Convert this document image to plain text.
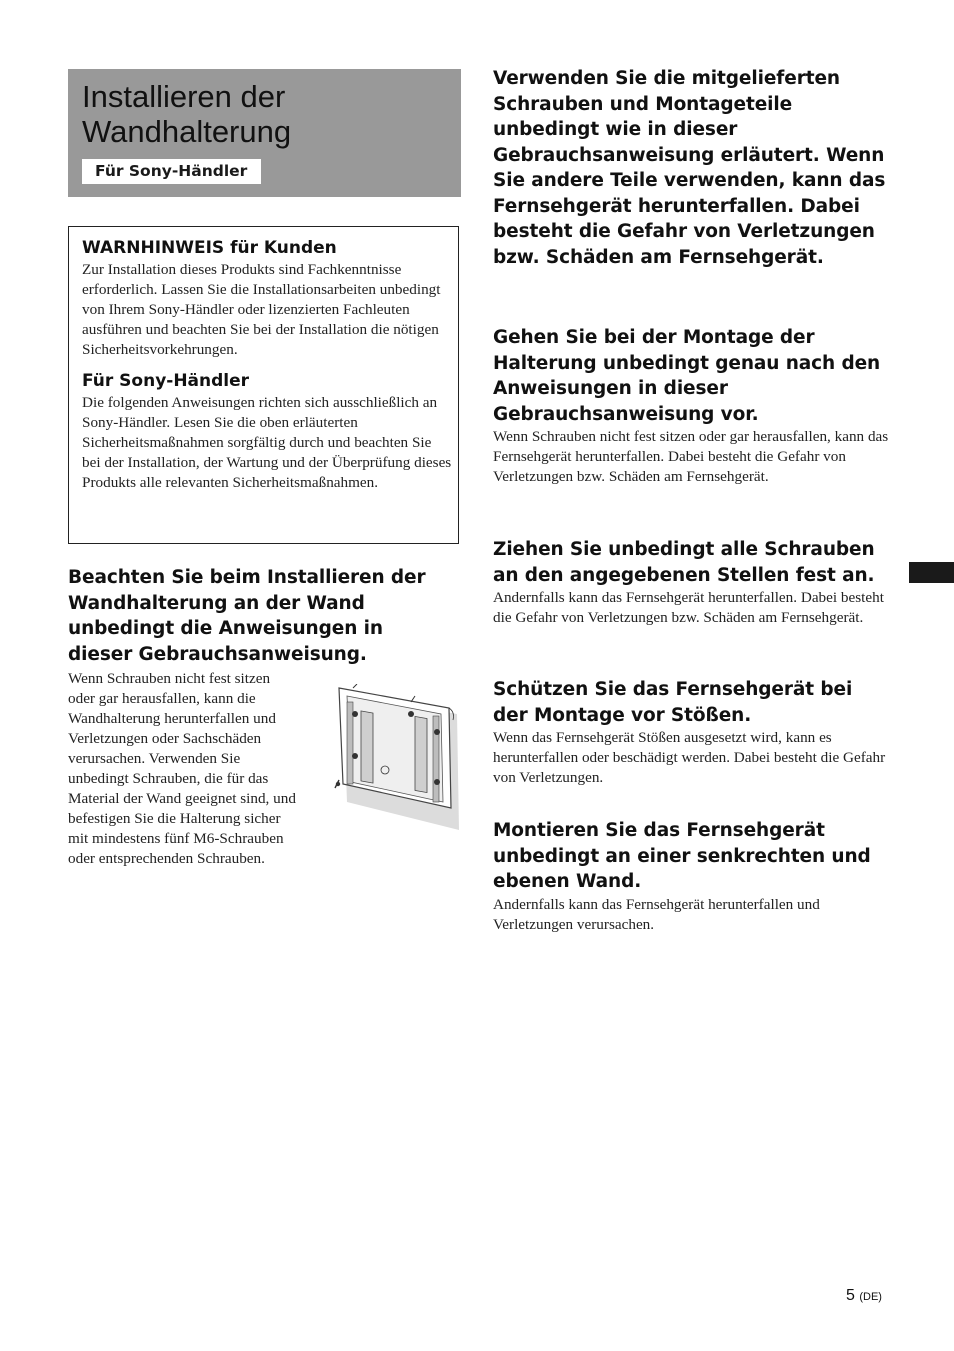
Installieren der Wandhalterung
Für Sony-Händler
WARNHINWEIS für Kunden

Zur Installation dieses Produkts sind Fachkenntnisse erforderlich. Lassen Sie die Installationsarbeiten unbedingt von Ihrem Sony-Händler oder lizenzierten Fachleuten ausführen und beachten Sie bei der Installation die nötigen Sicherheitsvorkehrungen.

Für Sony-Händler

Die folgenden Anweisungen richten sich ausschließlich an Sony-Händler. Lesen Sie die oben erläuterten Sicherheitsmaßnahmen sorgfältig durch und beachten Sie bei der Installation, der Wartung und der Überprüfung dieses Produkts alle relevanten Sicherheitsmaßnahmen.

Beachten Sie beim Installieren der Wandhalterung an der Wand unbedingt die Anweisungen in dieser Gebrauchsanweisung.

Wenn Schrauben nicht fest sitzen oder gar herausfallen, kann die Wandhalterung herunterfallen und Verletzungen oder Sachschäden verursachen. Verwenden Sie unbedingt Schrauben, die für das Material der Wand geeignet sind, und befestigen Sie die Halterung sicher mit mindestens fünf M6-Schrauben oder entsprechenden Schrauben.

Verwenden Sie die mitgelieferten Schrauben und Montageteile unbedingt wie in dieser Gebrauchsanweisung erläutert. Wenn Sie andere Teile verwenden, kann das Fernsehgerät herunterfallen. Dabei besteht die Gefahr von Verletzungen bzw. Schäden am Fernsehgerät.
Gehen Sie bei der Montage der Halterung unbedingt genau nach den Anweisungen in dieser Gebrauchsanweisung vor.

Wenn Schrauben nicht fest sitzen oder gar herausfallen, kann das Fernsehgerät herunterfallen. Dabei besteht die Gefahr von Verletzungen bzw. Schäden am Fernsehgerät.

Ziehen Sie unbedingt alle Schrauben an den angegebenen Stellen fest an.

Andernfalls kann das Fernsehgerät herunterfallen. Dabei besteht die Gefahr von Verletzungen bzw. Schäden am Fernsehgerät.

Schützen Sie das Fernsehgerät bei der Montage vor Stößen.

Wenn das Fernsehgerät Stößen ausgesetzt wird, kann es herunterfallen oder beschädigt werden. Dabei besteht die Gefahr von Verletzungen.

Montieren Sie das Fernsehgerät unbedingt an einer senkrechten und ebenen Wand.

Andernfalls kann das Fernsehgerät herunterfallen und Verletzungen verursachen.

5 (DE)
